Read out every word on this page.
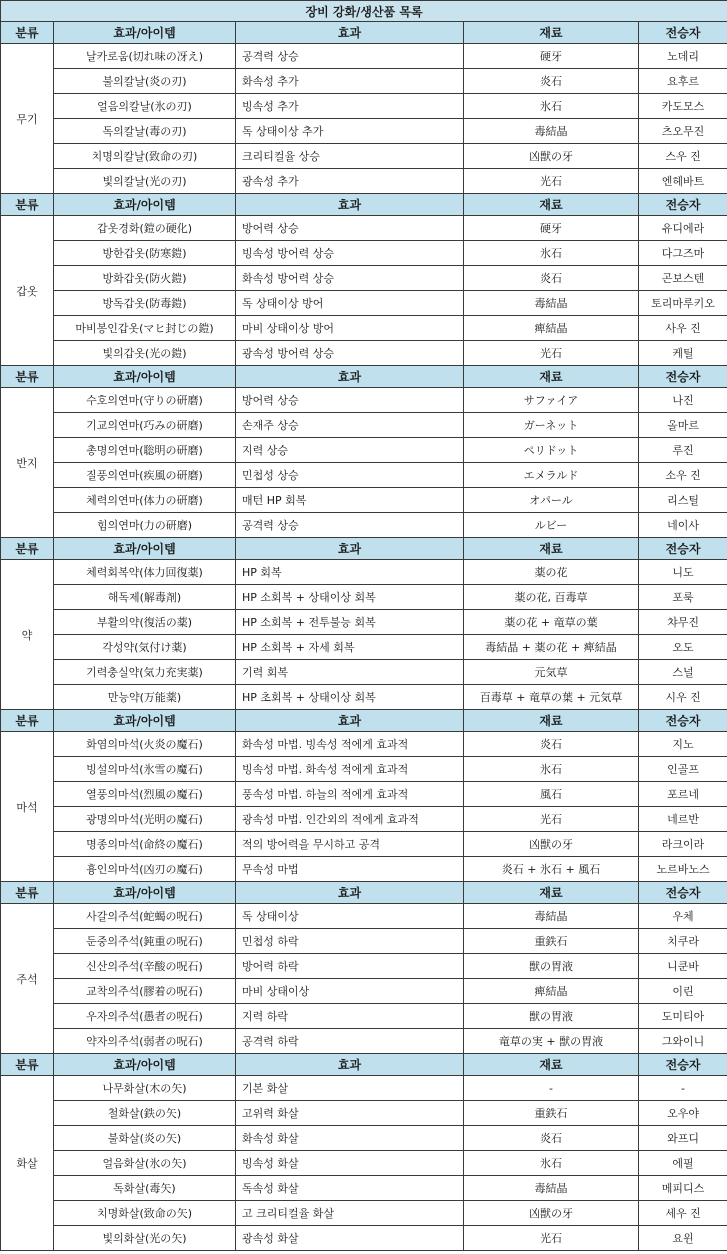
장비 강화/생산품 목록				
분류	효과/아이템	효과	재료	전승자
무기	날카로움(切れ味の冴え)	공격력 상승	硬牙	노데리
	불의칼날(炎の刃)	화속성 추가	炎石	요후르
	얼음의칼날(氷の刃)	빙속성 추가	氷石	카도모스
	독의칼날(毒の刃)	독 상태이상 추가	毒結晶	츠오무진
	치명의칼날(致命の刃)	크리티컬율 상승	凶獣の牙	스우 진
	빛의칼날(光の刃)	광속성 추가	光石	엔헤바트
분류	효과/아이템	효과	재료	전승자
갑옷	갑옷경화(鎧の硬化)	방어력 상승	硬牙	유디에라
	방한갑옷(防寒鎧)	빙속성 방어력 상승	氷石	다그즈마
	방화갑옷(防火鎧)	화속성 방어력 상승	炎石	곤보스텐
	방독갑옷(防毒鎧)	독 상태이상 방어	毒結晶	토리마루키오
	마비봉인갑옷(マヒ封じの鎧)	마비 상태이상 방어	痺結晶	사우 진
	빛의갑옷(光の鎧)	광속성 방어력 상승	光石	케틸
분류	효과/아이템	효과	재료	전승자
반지	수호의연마(守りの研磨)	방어력 상승	サファイア	나진
	기교의연마(巧みの研磨)	손재주 상승	ガーネット	올마르
	총명의연마(聡明の研磨)	지력 상승	ペリドット	루진
	질풍의연마(疾風の研磨)	민첩성 상승	エメラルド	소우 진
	체력의연마(体力の研磨)	매턴 HP 회복	オパール	리스틸
	힘의연마(力の研磨)	공격력 상승	ルビー	네이사
분류	효과/아이템	효과	재료	전승자
약	체력회복약(体力回復薬)	HP 회복	薬の花	니도
	해독제(解毒剤)	HP 소회복 + 상태이상 회복	薬の花, 百毒草	포룩
	부활의약(復活の薬)	HP 소회복 + 전투불능 회복	薬の花 + 竜草の葉	챠무진
	각성약(気付け薬)	HP 소회복 + 자세 회복	毒結晶 + 薬の花 + 痺結晶	오도
	기력충실약(気力充実薬)	기력 회복	元気草	스널
	만능약(万能薬)	HP 초회복 + 상태이상 회복	百毒草 + 竜草の葉 + 元気草	시우 진
분류	효과/아이템	효과	재료	전승자
마석	화염의마석(火炎の魔石)	화속성 마법. 빙속성 적에게 효과적	炎石	지노
	빙설의마석(氷雪の魔石)	빙속성 마법. 화속성 적에게 효과적	氷石	인골프
	열풍의마석(烈風の魔石)	풍속성 마법. 하늘의 적에게 효과적	風石	포르네
	광명의마석(光明の魔石)	광속성 마법. 인간외의 적에게 효과적	光石	네르반
	명종의마석(命終の魔石)	적의 방어력을 무시하고 공격	凶獣の牙	라크이라
	흉인의마석(凶刃の魔石)	무속성 마법	炎石 + 氷石 + 風石	노르바노스
분류	효과/아이템	효과	재료	전승자
주석	사갈의주석(蛇蝎の呪石)	독 상태이상	毒結晶	우체
	둔중의주석(鈍重の呪石)	민첩성 하락	重鉄石	치쿠라
	신산의주석(辛酸の呪石)	방어력 하락	獣の胃液	니쿤바
	교착의주석(膠着の呪石)	마비 상태이상	痺結晶	이린
	우자의주석(愚者の呪石)	지력 하락	獣の胃液	도미티아
	약자의주석(弱者の呪石)	공격력 하락	竜草の実 + 獣の胃液	그와이니
분류	효과/아이템	효과	재료	전승자
화살	나무화살(木の矢)	기본 화살	-	-
	철화살(鉄の矢)	고위력 화살	重鉄石	오우야
	불화살(炎の矢)	화속성 화살	炎石	와프디
	얼음화살(氷の矢)	빙속성 화살	氷石	에필
	독화살(毒矢)	독속성 화살	毒結晶	메피디스
	치명화살(致命の矢)	고 크리티컬율 화살	凶獣の牙	세우 진
	빛의화살(光の矢)	광속성 화살	光石	요윈
